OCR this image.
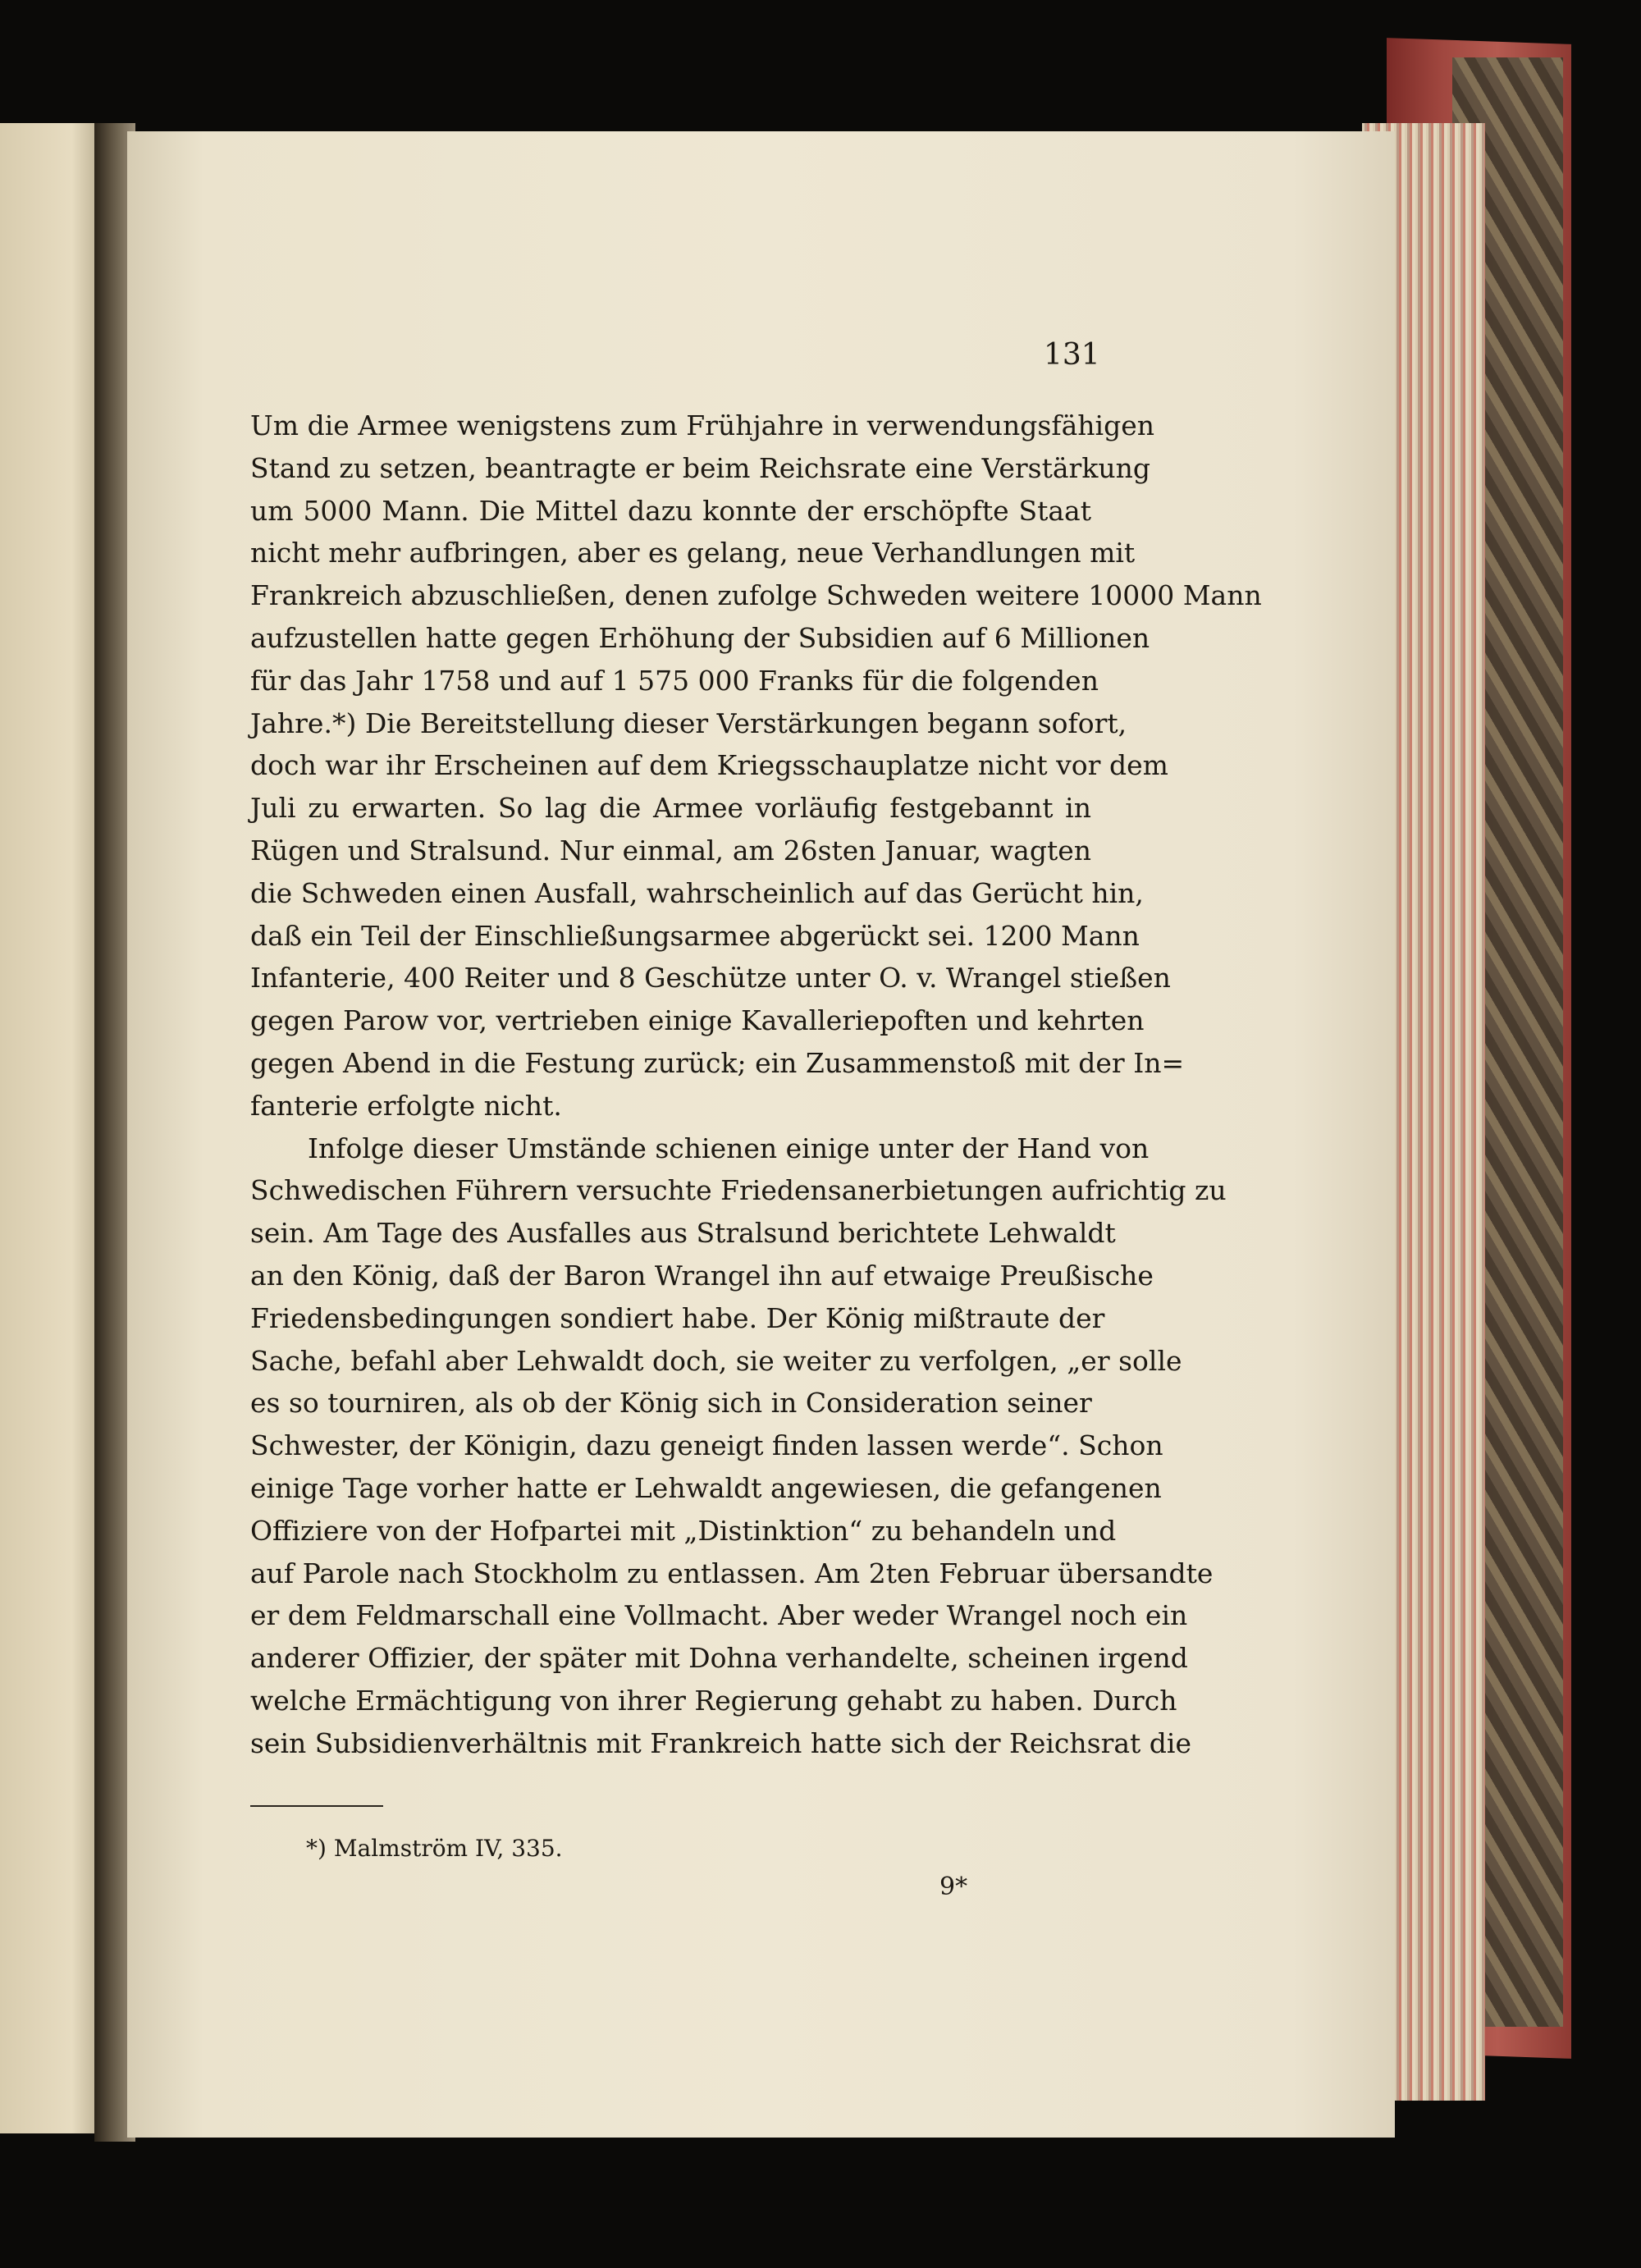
131
Um die Armee wenigstens zum Frühjahre in verwendungsfähigen
Stand zu setzen, beantragte er beim Reichsrate eine Verstärkung
um 5000 Mann. Die Mittel dazu konnte der erschöpfte Staat
nicht mehr aufbringen, aber es gelang, neue Verhandlungen mit
Frankreich abzuschließen, denen zufolge Schweden weitere 10000 Mann
aufzustellen hatte gegen Erhöhung der Subsidien auf 6 Millionen
für das Jahr 1758 und auf 1 575 000 Franks für die folgenden
Jahre.*) Die Bereitstellung dieser Verstärkungen begann sofort,
doch war ihr Erscheinen auf dem Kriegsschauplatze nicht vor dem
Juli zu erwarten. So lag die Armee vorläufig festgebannt in
Rügen und Stralsund. Nur einmal, am 26sten Januar, wagten
die Schweden einen Ausfall, wahrscheinlich auf das Gerücht hin,
daß ein Teil der Einschließungsarmee abgerückt sei. 1200 Mann
Infanterie, 400 Reiter und 8 Geschütze unter O. v. Wrangel stießen
gegen Parow vor, vertrieben einige Kavalleriepoften und kehrten
gegen Abend in die Festung zurück; ein Zusammenstoß mit der In=
fanterie erfolgte nicht.
Infolge dieser Umstände schienen einige unter der Hand von
Schwedischen Führern versuchte Friedensanerbietungen aufrichtig zu
sein. Am Tage des Ausfalles aus Stralsund berichtete Lehwaldt
an den König, daß der Baron Wrangel ihn auf etwaige Preußische
Friedensbedingungen sondiert habe. Der König mißtraute der
Sache, befahl aber Lehwaldt doch, sie weiter zu verfolgen, „er solle
es so tourniren, als ob der König sich in Consideration seiner
Schwester, der Königin, dazu geneigt finden lassen werde“. Schon
einige Tage vorher hatte er Lehwaldt angewiesen, die gefangenen
Offiziere von der Hofpartei mit „Distinktion“ zu behandeln und
auf Parole nach Stockholm zu entlassen. Am 2ten Februar übersandte
er dem Feldmarschall eine Vollmacht. Aber weder Wrangel noch ein
anderer Offizier, der später mit Dohna verhandelte, scheinen irgend
welche Ermächtigung von ihrer Regierung gehabt zu haben. Durch
sein Subsidienverhältnis mit Frankreich hatte sich der Reichsrat die
*) Malmström IV, 335.
9*
